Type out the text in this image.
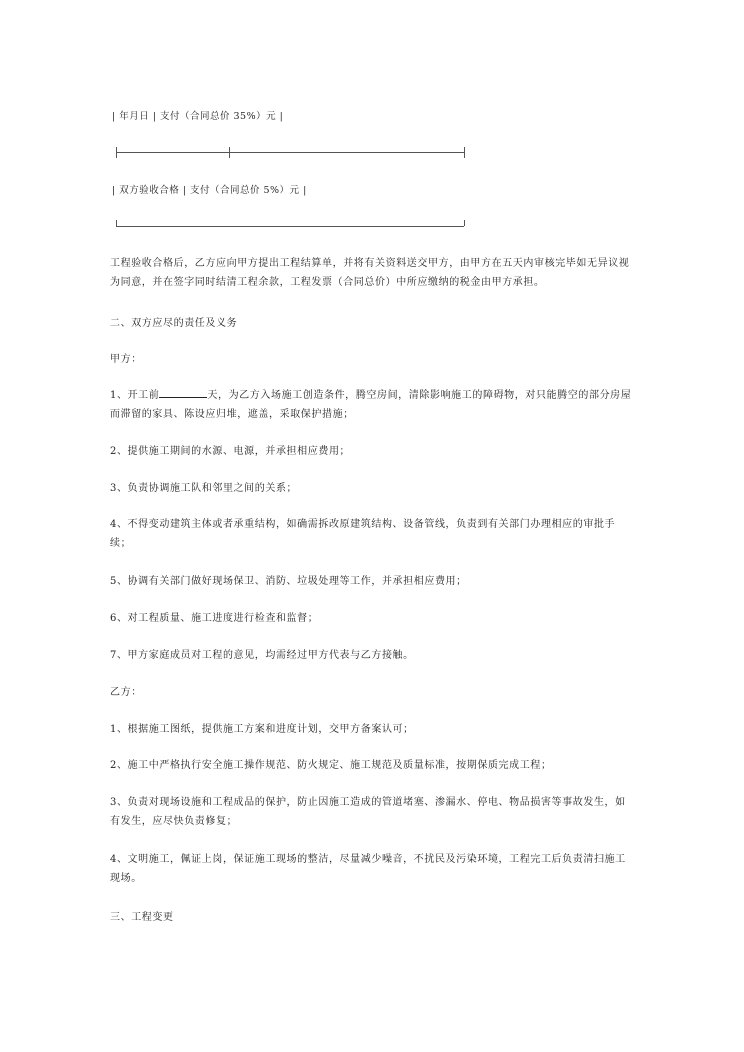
| 年月日 | 支付（合同总价 35%）元 |
| 双方验收合格 | 支付（合同总价 5%）元 |

工程验收合格后，乙方应向甲方提出工程结算单，并将有关资料送交甲方，由甲方在五天内审核完毕如无异议视为同意，并在签字同时结清工程余款，工程发票（合同总价）中所应缴纳的税金由甲方承担。

二、双方应尽的责任及义务

甲方：

1、开工前	天，为乙方入场施工创造条件，腾空房间，清除影响施工的障碍物，对只能腾空的部分房屋而滞留的家具、陈设应归堆，遮盖，采取保护措施；

2、提供施工期间的水源、电源，并承担相应费用；

3、负责协调施工队和邻里之间的关系；

4、不得变动建筑主体或者承重结构，如确需拆改原建筑结构、设备管线，负责到有关部门办理相应的审批手续；

5、协调有关部门做好现场保卫、消防、垃圾处理等工作，并承担相应费用；

6、对工程质量、施工进度进行检查和监督；

7、甲方家庭成员对工程的意见，均需经过甲方代表与乙方接触。

乙方：

1、根据施工图纸，提供施工方案和进度计划，交甲方备案认可；

2、施工中严格执行安全施工操作规范、防火规定、施工规范及质量标准，按期保质完成工程；

3、负责对现场设施和工程成品的保护，防止因施工造成的管道堵塞、渗漏水、停电、物品损害等事故发生，如有发生，应尽快负责修复；

4、文明施工，佩证上岗，保证施工现场的整洁，尽量减少噪音，不扰民及污染环境，工程完工后负责清扫施工现场。

三、工程变更
